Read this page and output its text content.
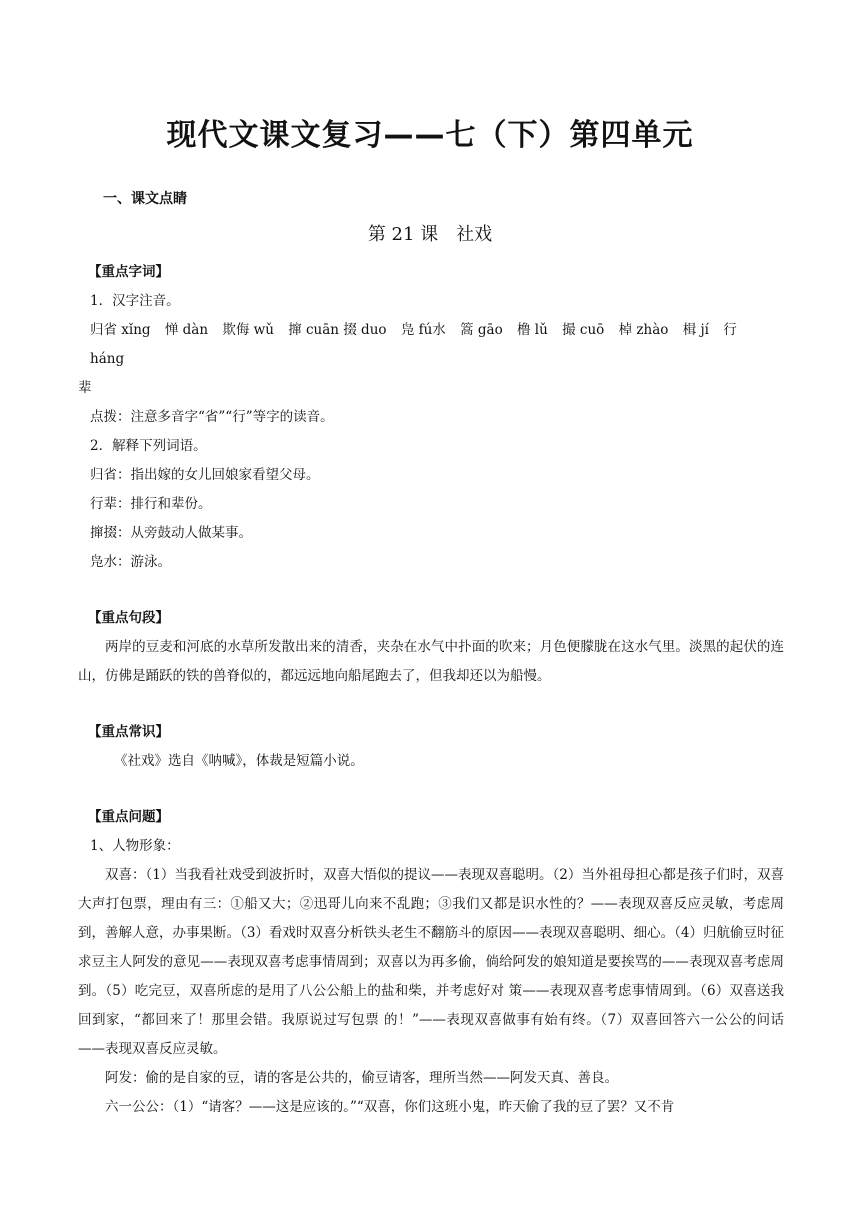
现代文课文复习——七（下）第四单元

一、课文点睛

第 21 课　社戏

【重点字词】

1．汉字注音。

归省 xǐng 惮 dàn 欺侮 wǔ 撺 cuān 掇 duo 凫 fú水 篙 gāo 橹 lǔ 撮 cuō 棹 zhào 楫 jí 行 háng

辈

点拨：注意多音字“省”“行”等字的读音。

2．解释下列词语。

归省：指出嫁的女儿回娘家看望父母。

行辈：排行和辈份。

撺掇：从旁鼓动人做某事。

凫水：游泳。

【重点句段】

两岸的豆麦和河底的水草所发散出来的清香，夹杂在水气中扑面的吹来；月色便朦胧在这水气里。淡黑的起伏的连山，仿佛是踊跃的铁的兽脊似的，都远远地向船尾跑去了，但我却还以为船慢。

【重点常识】

《社戏》选自《呐喊》，体裁是短篇小说。

【重点问题】

1、人物形象：

双喜：（1）当我看社戏受到波折时，双喜大悟似的提议——表现双喜聪明。（2）当外祖母担心都是孩子们时，双喜大声打包票，理由有三：①船又大；②迅哥儿向来不乱跑；③我们又都是识水性的？——表现双喜反应灵敏，考虑周到，善解人意，办事果断。（3）看戏时双喜分析铁头老生不翻筋斗的原因——表现双喜聪明、细心。（4）归航偷豆时征求豆主人阿发的意见——表现双喜考虑事情周到；双喜以为再多偷，倘给阿发的娘知道是要挨骂的——表现双喜考虑周到。（5）吃完豆，双喜所虑的是用了八公公船上的盐和柴，并考虑好对 策——表现双喜考虑事情周到。（6）双喜送我回到家，“都回来了！那里会错。我原说过写包票 的！”——表现双喜做事有始有终。（7）双喜回答六一公公的问话——表现双喜反应灵敏。

阿发：偷的是自家的豆，请的客是公共的，偷豆请客，理所当然——阿发天真、善良。

六一公公：（1）“请客？——这是应该的。”“双喜，你们这班小鬼，昨天偷了我的豆了罢？又不肯
